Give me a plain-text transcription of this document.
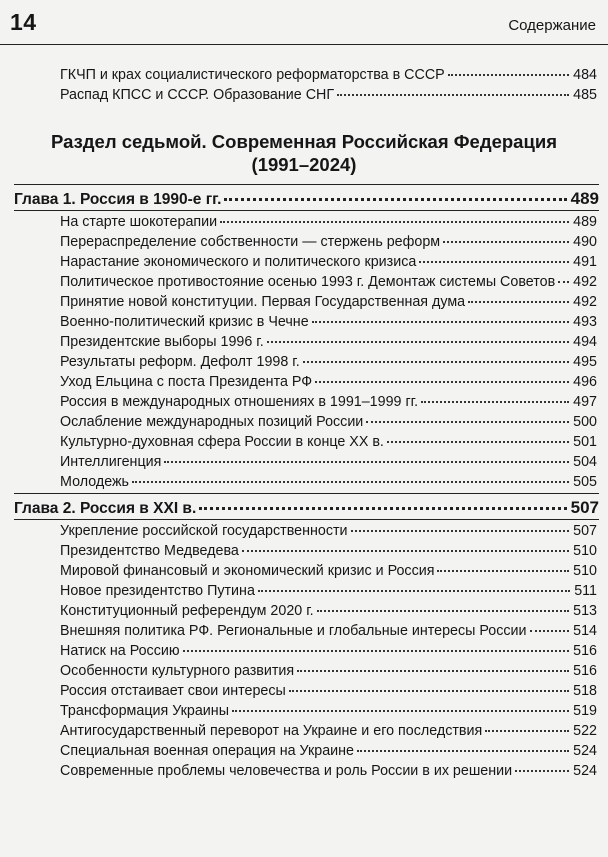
14	Содержание
ГКЧП и крах социалистического реформаторства в СССР	484
Распад КПСС и СССР. Образование СНГ	485
Раздел седьмой. Современная Российская Федерация
(1991–2024)
Глава 1. Россия в 1990-е гг.	489
На старте шокотерапии	489
Перераспределение собственности — стержень реформ	490
Нарастание экономического и политического кризиса	491
Политическое противостояние осенью 1993 г. Демонтаж системы Советов 492
Принятие новой конституции. Первая Государственная дума	492
Военно-политический кризис в Чечне	493
Президентские выборы 1996 г.	494
Результаты реформ. Дефолт 1998 г.	495
Уход Ельцина с поста Президента РФ	496
Россия в международных отношениях в 1991–1999 гг.	497
Ослабление международных позиций России	500
Культурно-духовная сфера России в конце XX в.	501
Интеллигенция	504
Молодежь	505
Глава 2. Россия в XXI в.	507
Укрепление российской государственности	507
Президентство Медведева	510
Мировой финансовый и экономический кризис и Россия	510
Новое президентство Путина	511
Конституционный референдум 2020 г.	513
Внешняя политика РФ. Региональные и глобальные интересы России	514
Натиск на Россию	516
Особенности культурного развития	516
Россия отстаивает свои интересы	518
Трансформация Украины	519
Антигосударственный переворот на Украине и его последствия	522
Специальная военная операция на Украине	524
Современные проблемы человечества и роль России в их решении	524
